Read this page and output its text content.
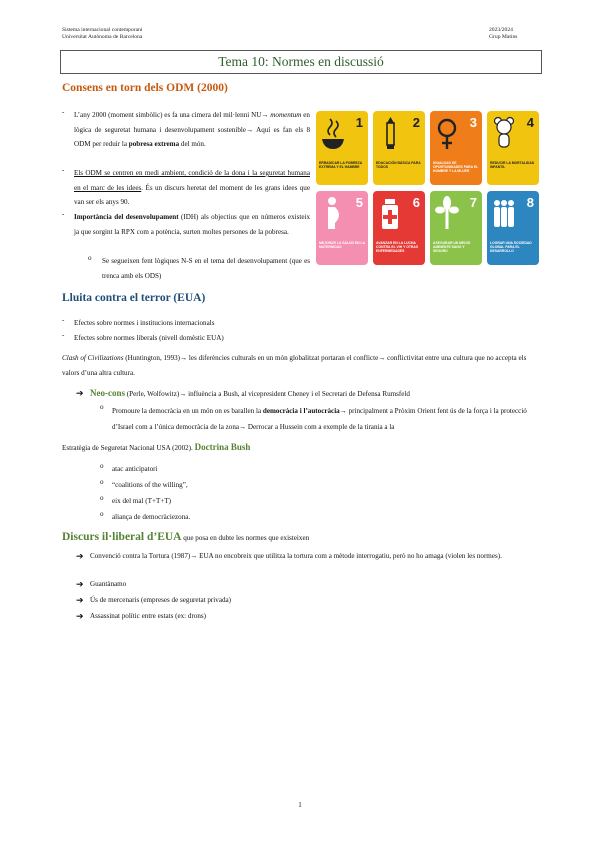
Sistema internacional contemporani
Universitat Autònoma de Barcelona
2023/2024
Grup Matins
Tema 10: Normes en discussió
Consens en torn dels ODM (2000)
- L’any 2000 (moment simbòlic) es fa una cimera del mil·lenni NU→ momentum en lògica de seguretat humana i desenvolupament sostenible→ Aquí es fan els 8 ODM per reduir la pobresa extrema del món.
- Els ODM se centren en medi ambient, condició de la dona i la seguretat humana en el marc de les idees. És un discurs heretat del moment de les grans idees que van ser els anys 90.
- Importància del desenvolupament (IDH) als objectius que en números existeix ja que sorgint la RPX com a potència, surten moltes persones de la pobresa.
o Se segueixen fent lògiques N-S en el tema del desenvolupament (que es trenca amb els ODS)
1
ERRADICAR LA POBREZA EXTREMA Y EL HAMBRE
2
EDUCACIÓN BÁSICA PARA TODOS
3
IGUALDAD DE OPORTUNIDADES PARA EL HOMBRE Y LA MUJER
4
REDUCIR LA MORTALIDAD INFANTIL
5
MEJORAR LA SALUD EN LA MATERNIDAD
6
AVANZAR EN LA LUCHA CONTRA EL VIH Y OTRAS ENFERMEDADES
7
ASEGURAR UN MEDIO AMBIENTE SANO Y SEGURO
8
LOGRAR UNA SOCIEDAD GLOBAL PARA EL DESARROLLO
Lluita contra el terror (EUA)
- Efectes sobre normes i institucions internacionals
- Efectes sobre normes liberals (nivell domèstic EUA)
Clash of Civilizations (Huntington, 1993)→ les diferències culturals en un món globalitzat portaran el conflicte→ conflictivitat entre una cultura que no accepta els valors d’una altra cultura.
➔ Neo-cons (Perle, Wolfowitz)→ influència a Bush, al vicepresident Cheney i el Secretari de Defensa Rumsfeld
o Promoure la democràcia en un món on es barallen la democràcia i l’autocràcia→ principalment a Pròxim Orient fent ús de la força i la protecció d’Israel com a l’única democràcia de la zona→ Derrocar a Hussein com a exemple de la tirania a la
Estratègia de Seguretat Nacional USA (2002). Doctrina Bush
o atac anticipatori
o “coalitions of the willing”,
o eix del mal (T+T+T)
o aliança de democràciezona.
Discurs il·liberal d’EUA que posa en dubte les normes que existeixen
➔ Convenció contra la Tortura (1987)→ EUA no encobreix que utilitza la tortura com a mètode interrogatiu, però no ho amaga (violen les normes).
➔ Guantànamo
➔ Ús de mercenaris (empreses de seguretat privada)
➔ Assassinat polític entre estats (ex: drons)
1
